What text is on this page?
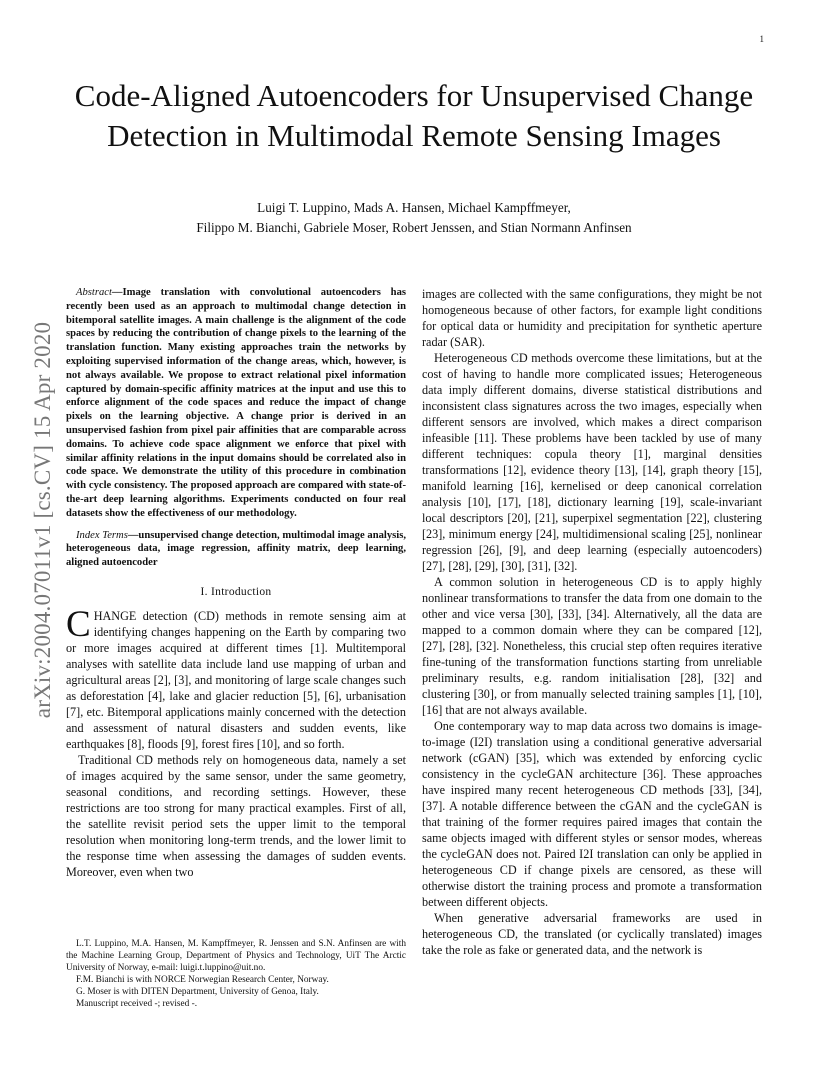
1
arXiv:2004.07011v1 [cs.CV] 15 Apr 2020
Code-Aligned Autoencoders for Unsupervised Change Detection in Multimodal Remote Sensing Images
Luigi T. Luppino, Mads A. Hansen, Michael Kampffmeyer,
Filippo M. Bianchi, Gabriele Moser, Robert Jenssen, and Stian Normann Anfinsen

Abstract—Image translation with convolutional autoencoders has recently been used as an approach to multimodal change detection in bitemporal satellite images. A main challenge is the alignment of the code spaces by reducing the contribution of change pixels to the learning of the translation function. Many existing approaches train the networks by exploiting supervised information of the change areas, which, however, is not always available. We propose to extract relational pixel information captured by domain-specific affinity matrices at the input and use this to enforce alignment of the code spaces and reduce the impact of change pixels on the learning objective. A change prior is derived in an unsupervised fashion from pixel pair affinities that are comparable across domains. To achieve code space alignment we enforce that pixel with similar affinity relations in the input domains should be correlated also in code space. We demonstrate the utility of this procedure in combination with cycle consistency. The proposed approach are compared with state-of-the-art deep learning algorithms. Experiments conducted on four real datasets show the effectiveness of our methodology.

Index Terms—unsupervised change detection, multimodal image analysis, heterogeneous data, image regression, affinity matrix, deep learning, aligned autoencoder

I. Introduction

CHANGE detection (CD) methods in remote sensing aim at identifying changes happening on the Earth by comparing two or more images acquired at different times [1]. Multitemporal analyses with satellite data include land use mapping of urban and agricultural areas [2], [3], and monitoring of large scale changes such as deforestation [4], lake and glacier reduction [5], [6], urbanisation [7], etc. Bitemporal applications mainly concerned with the detection and assessment of natural disasters and sudden events, like earthquakes [8], floods [9], forest fires [10], and so forth.

Traditional CD methods rely on homogeneous data, namely a set of images acquired by the same sensor, under the same geometry, seasonal conditions, and recording settings. However, these restrictions are too strong for many practical examples. First of all, the satellite revisit period sets the upper limit to the temporal resolution when monitoring long-term trends, and the lower limit to the response time when assessing the damages of sudden events. Moreover, even when two

L.T. Luppino, M.A. Hansen, M. Kampffmeyer, R. Jenssen and S.N. Anfinsen are with the Machine Learning Group, Department of Physics and Technology, UiT The Arctic University of Norway, e-mail: luigi.t.luppino@uit.no.

F.M. Bianchi is with NORCE Norwegian Research Center, Norway.

G. Moser is with DITEN Department, University of Genoa, Italy.

Manuscript received -; revised -.

images are collected with the same configurations, they might be not homogeneous because of other factors, for example light conditions for optical data or humidity and precipitation for synthetic aperture radar (SAR).

Heterogeneous CD methods overcome these limitations, but at the cost of having to handle more complicated issues; Heterogeneous data imply different domains, diverse statistical distributions and inconsistent class signatures across the two images, especially when different sensors are involved, which makes a direct comparison infeasible [11]. These problems have been tackled by use of many different techniques: copula theory [1], marginal densities transformations [12], evidence theory [13], [14], graph theory [15], manifold learning [16], kernelised or deep canonical correlation analysis [10], [17], [18], dictionary learning [19], scale-invariant local descriptors [20], [21], superpixel segmentation [22], clustering [23], minimum energy [24], multidimensional scaling [25], nonlinear regression [26], [9], and deep learning (especially autoencoders) [27], [28], [29], [30], [31], [32].

A common solution in heterogeneous CD is to apply highly nonlinear transformations to transfer the data from one domain to the other and vice versa [30], [33], [34]. Alternatively, all the data are mapped to a common domain where they can be compared [12], [27], [28], [32]. Nonetheless, this crucial step often requires iterative fine-tuning of the transformation functions starting from unreliable preliminary results, e.g. random initialisation [28], [32] and clustering [30], or from manually selected training samples [1], [10], [16] that are not always available.

One contemporary way to map data across two domains is image-to-image (I2I) translation using a conditional generative adversarial network (cGAN) [35], which was extended by enforcing cyclic consistency in the cycleGAN architecture [36]. These approaches have inspired many recent heterogeneous CD methods [33], [34], [37]. A notable difference between the cGAN and the cycleGAN is that training of the former requires paired images that contain the same objects imaged with different styles or sensor modes, whereas the cycleGAN does not. Paired I2I translation can only be applied in heterogeneous CD if change pixels are censored, as these will otherwise distort the training process and promote a transformation between different objects.

When generative adversarial frameworks are used in heterogeneous CD, the translated (or cyclically translated) images take the role as fake or generated data, and the network is
